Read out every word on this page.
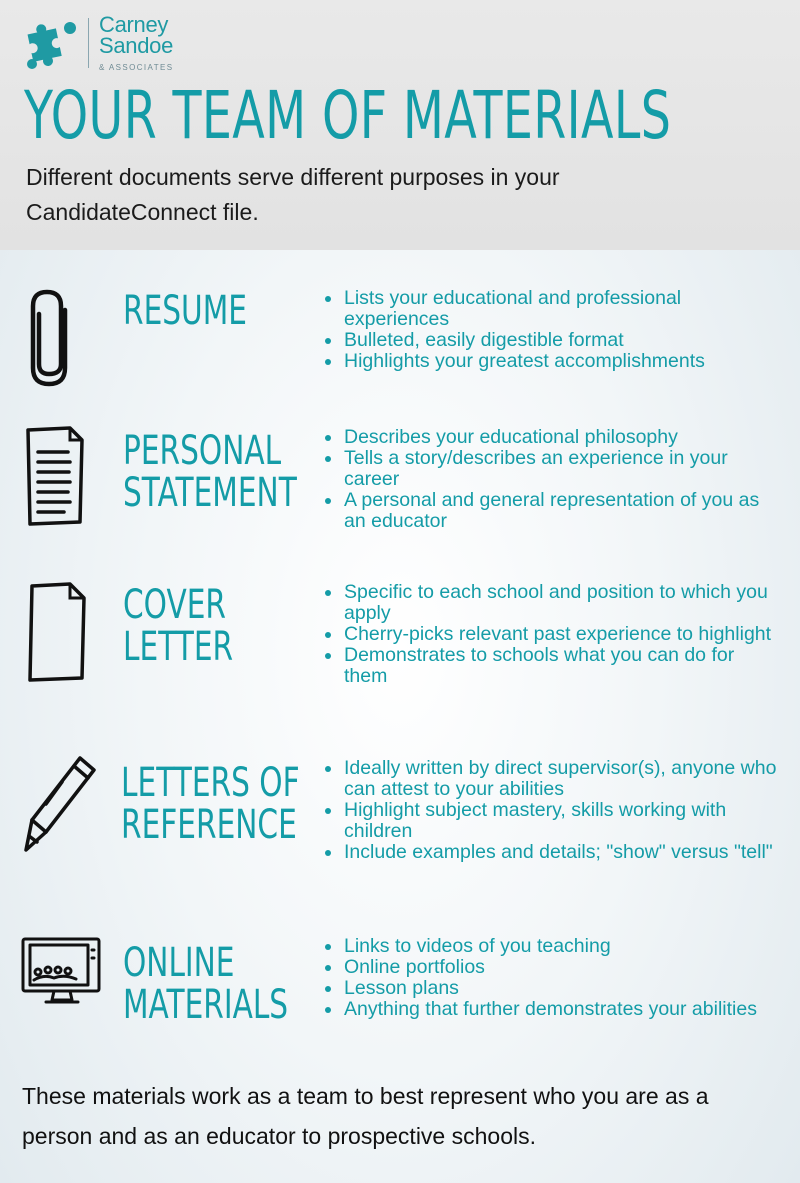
Carney
Sandoe
& ASSOCIATES
YOUR TEAM OF MATERIALS
Different documents serve different purposes in your CandidateConnect file.
RESUME	Lists your educational and professional experiences
Bulleted, easily digestible format
Highlights your greatest accomplishments
PERSONAL
STATEMENT
Describes your educational philosophy
Tells a story/describes an experience in your career
A personal and general representation of you as an educator
COVER
LETTER
Specific to each school and position to which you apply
Cherry-picks relevant past experience to highlight
Demonstrates to schools what you can do for them
LETTERS OF
REFERENCE
Ideally written by direct supervisor(s), anyone who can attest to your abilities
Highlight subject mastery, skills working with children
Include examples and details; "show" versus "tell"
ONLINE
MATERIALS
Links to videos of you teaching
Online portfolios
Lesson plans
Anything that further demonstrates your abilities
These materials work as a team to best represent who you are as a person and as an educator to prospective schools.
